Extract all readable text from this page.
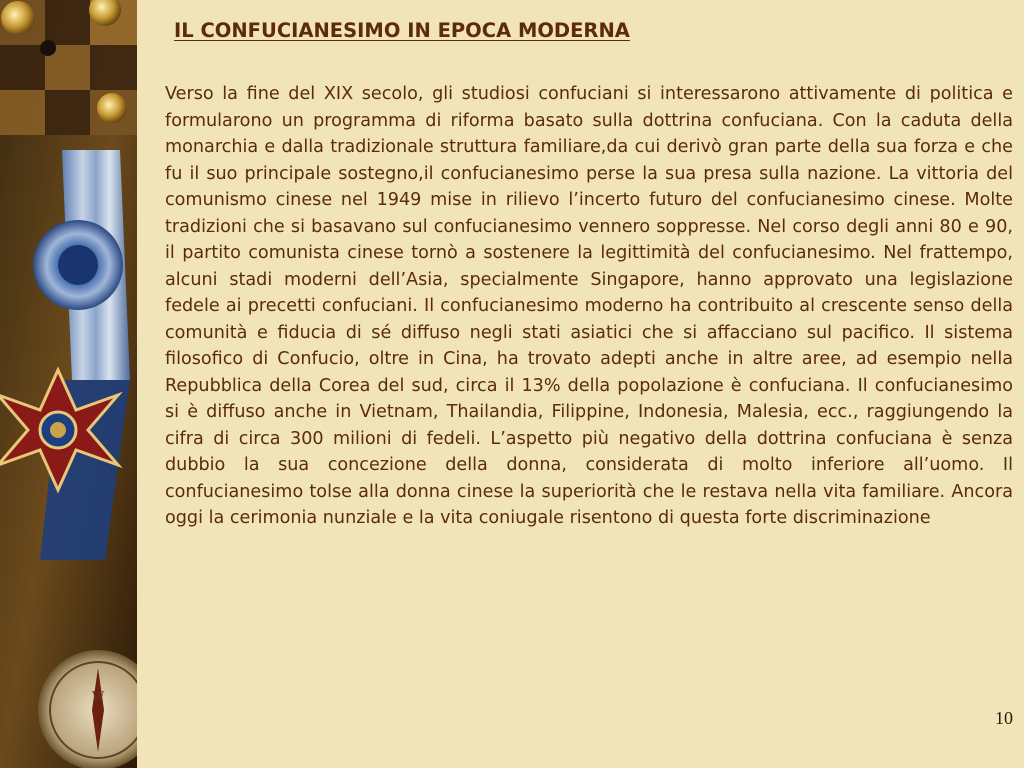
W
IL CONFUCIANESIMO IN EPOCA MODERNA

Verso la fine del XIX secolo, gli studiosi confuciani si interessarono attivamente di politica e formularono un programma di riforma basato sulla dottrina confuciana. Con la caduta della monarchia e dalla tradizionale struttura familiare,da cui derivò gran parte della sua forza e che fu il suo principale sostegno,il confucianesimo perse la sua presa sulla nazione. La vittoria del comunismo cinese nel 1949 mise in rilievo l’incerto futuro del confucianesimo cinese. Molte tradizioni che si basavano sul confucianesimo vennero soppresse. Nel corso degli anni 80 e 90, il partito comunista cinese tornò a sostenere la legittimità del confucianesimo. Nel frattempo, alcuni stadi moderni dell’Asia, specialmente Singapore, hanno approvato una legislazione fedele ai precetti confuciani. Il confucianesimo moderno ha contribuito al crescente senso della comunità e fiducia di sé diffuso negli stati asiatici che si affacciano sul pacifico. Il sistema filosofico di Confucio, oltre in Cina, ha trovato adepti anche in altre aree, ad esempio nella Repubblica della Corea del sud, circa il 13% della popolazione è confuciana. Il confucianesimo si è diffuso anche in Vietnam, Thailandia, Filippine, Indonesia, Malesia, ecc., raggiungendo la cifra di circa 300 milioni di fedeli. L’aspetto più negativo della dottrina confuciana è senza dubbio la sua concezione della donna, considerata di molto inferiore all’uomo. Il confucianesimo tolse alla donna cinese la superiorità che le restava nella vita familiare. Ancora oggi la cerimonia nunziale e la vita coniugale risentono di questa forte discriminazione

10
